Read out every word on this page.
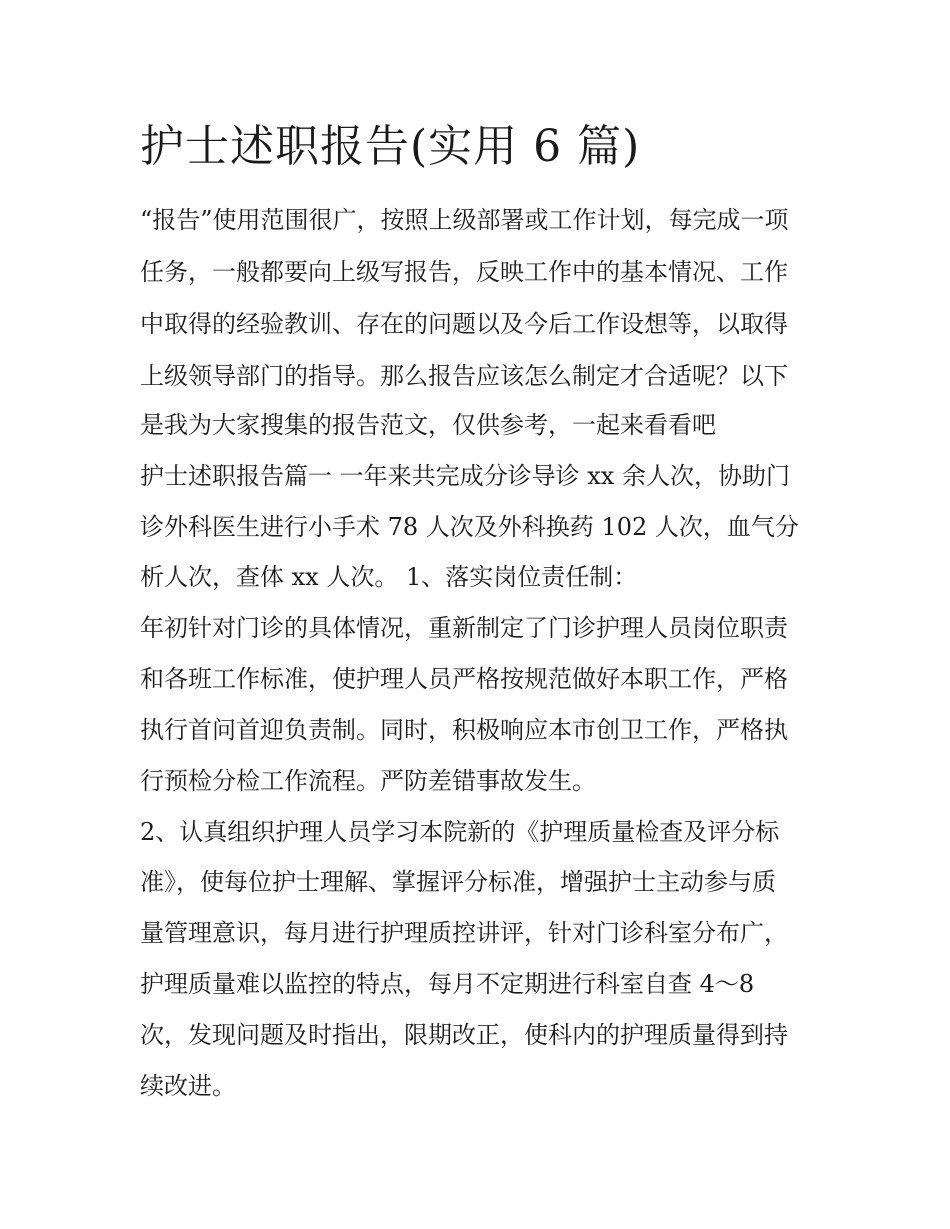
护士述职报告(实用 6 篇)

“报告”使用范围很广，按照上级部署或工作计划，每完成一项

任务，一般都要向上级写报告，反映工作中的基本情况、工作

中取得的经验教训、存在的问题以及今后工作设想等，以取得

上级领导部门的指导。那么报告应该怎么制定才合适呢？以下

是我为大家搜集的报告范文，仅供参考，一起来看看吧

护士述职报告篇一 一年来共完成分诊导诊 xx 余人次，协助门

诊外科医生进行小手术 78 人次及外科换药 102 人次，血气分

析人次，查体 xx 人次。 1、落实岗位责任制：

年初针对门诊的具体情况，重新制定了门诊护理人员岗位职责

和各班工作标准，使护理人员严格按规范做好本职工作，严格

执行首问首迎负责制。同时，积极响应本市创卫工作，严格执

行预检分检工作流程。严防差错事故发生。

2、认真组织护理人员学习本院新的《护理质量检查及评分标

准》，使每位护士理解、掌握评分标准，增强护士主动参与质

量管理意识，每月进行护理质控讲评，针对门诊科室分布广，

护理质量难以监控的特点，每月不定期进行科室自查 4～8

次，发现问题及时指出，限期改正，使科内的护理质量得到持

续改进。
